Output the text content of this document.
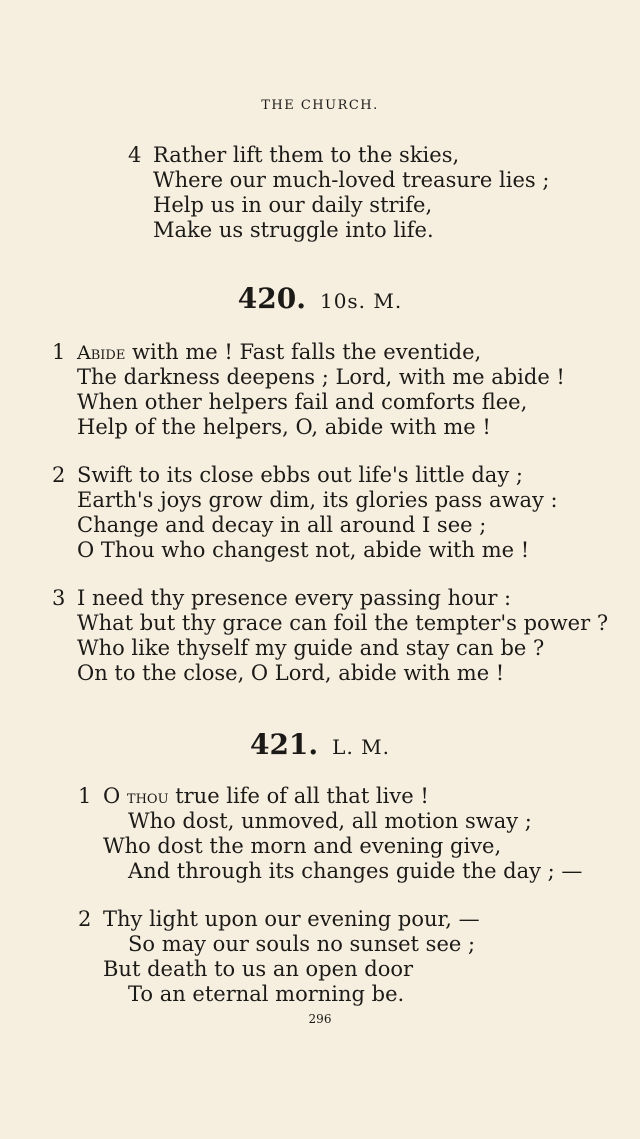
THE CHURCH.
4 Rather lift them to the skies,
Where our much-loved treasure lies ;
Help us in our daily strife,
Make us struggle into life.
420. 10s. M.
1 Abide with me ! Fast falls the eventide,
The darkness deepens ; Lord, with me abide !
When other helpers fail and comforts flee,
Help of the helpers, O, abide with me !
2 Swift to its close ebbs out life's little day ;
Earth's joys grow dim, its glories pass away :
Change and decay in all around I see ;
O Thou who changest not, abide with me !
3 I need thy presence every passing hour :
What but thy grace can foil the tempter's power ?
Who like thyself my guide and stay can be ?
On to the close, O Lord, abide with me !
421. L. M.
1 O thou true life of all that live !
Who dost, unmoved, all motion sway ;
Who dost the morn and evening give,
And through its changes guide the day ; —
2 Thy light upon our evening pour, —
So may our souls no sunset see ;
But death to us an open door
To an eternal morning be.
296
